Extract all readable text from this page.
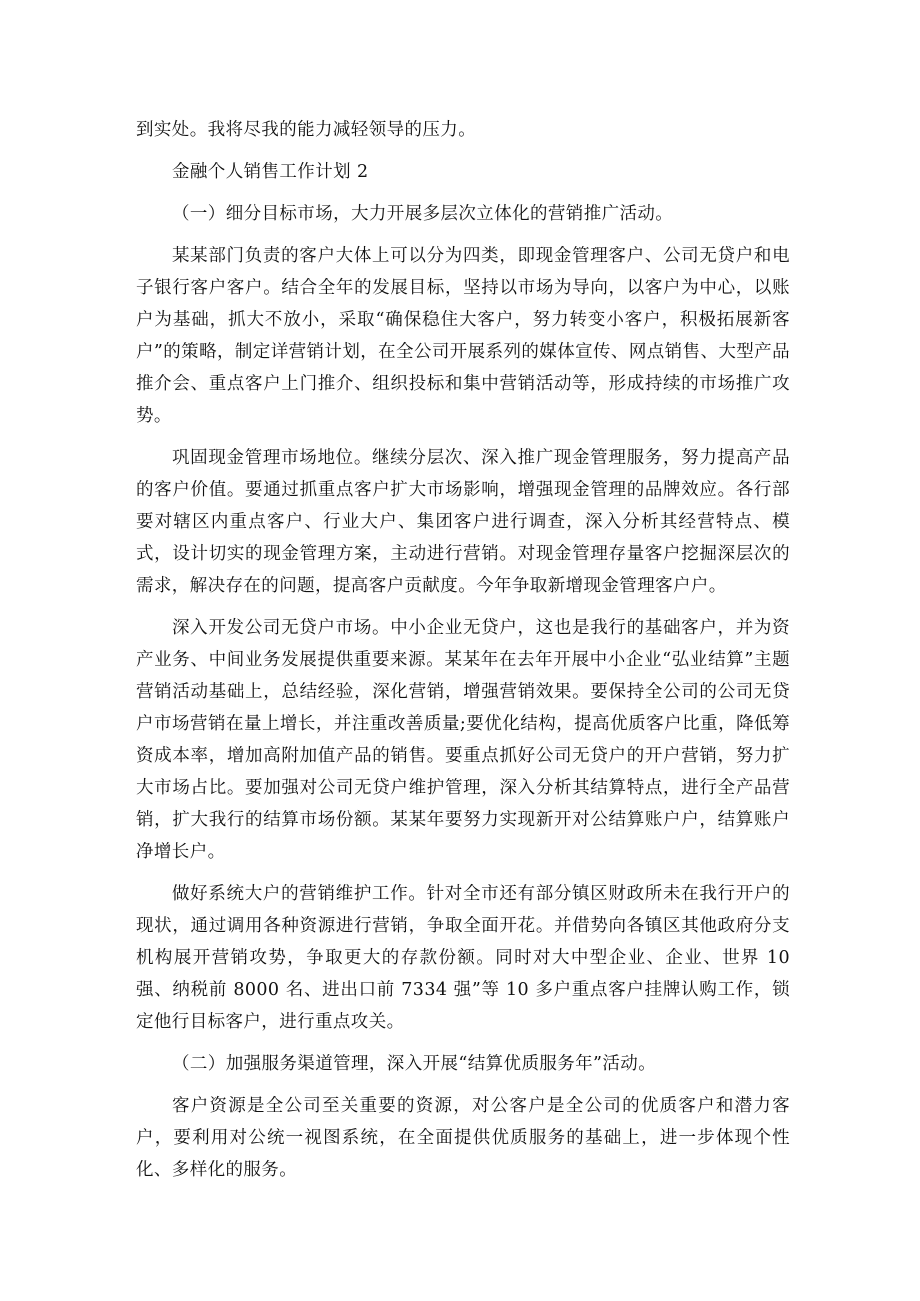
到实处。我将尽我的能力减轻领导的压力。

金融个人销售工作计划 2

（一）细分目标市场，大力开展多层次立体化的营销推广活动。

某某部门负责的客户大体上可以分为四类，即现金管理客户、公司无贷户和电子银行客户客户。结合全年的发展目标，坚持以市场为导向，以客户为中心，以账户为基础，抓大不放小，采取“确保稳住大客户，努力转变小客户，积极拓展新客户”的策略，制定详营销计划，在全公司开展系列的媒体宣传、网点销售、大型产品推介会、重点客户上门推介、组织投标和集中营销活动等，形成持续的市场推广攻势。

巩固现金管理市场地位。继续分层次、深入推广现金管理服务，努力提高产品的客户价值。要通过抓重点客户扩大市场影响，增强现金管理的品牌效应。各行部要对辖区内重点客户、行业大户、集团客户进行调查，深入分析其经营特点、模式，设计切实的现金管理方案，主动进行营销。对现金管理存量客户挖掘深层次的需求，解决存在的问题，提高客户贡献度。今年争取新增现金管理客户户。

深入开发公司无贷户市场。中小企业无贷户，这也是我行的基础客户，并为资产业务、中间业务发展提供重要来源。某某年在去年开展中小企业“弘业结算”主题营销活动基础上，总结经验，深化营销，增强营销效果。要保持全公司的公司无贷户市场营销在量上增长，并注重改善质量;要优化结构，提高优质客户比重，降低筹资成本率，增加高附加值产品的销售。要重点抓好公司无贷户的开户营销，努力扩大市场占比。要加强对公司无贷户维护管理，深入分析其结算特点，进行全产品营销，扩大我行的结算市场份额。某某年要努力实现新开对公结算账户户，结算账户净增长户。

做好系统大户的营销维护工作。针对全市还有部分镇区财政所未在我行开户的现状，通过调用各种资源进行营销，争取全面开花。并借势向各镇区其他政府分支机构展开营销攻势，争取更大的存款份额。同时对大中型企业、企业、世界 10 强、纳税前 8000 名、进出口前 7334 强”等 10 多户重点客户挂牌认购工作，锁定他行目标客户，进行重点攻关。

（二）加强服务渠道管理，深入开展“结算优质服务年”活动。

客户资源是全公司至关重要的资源，对公客户是全公司的优质客户和潜力客户，要利用对公统一视图系统，在全面提供优质服务的基础上，进一步体现个性化、多样化的服务。
